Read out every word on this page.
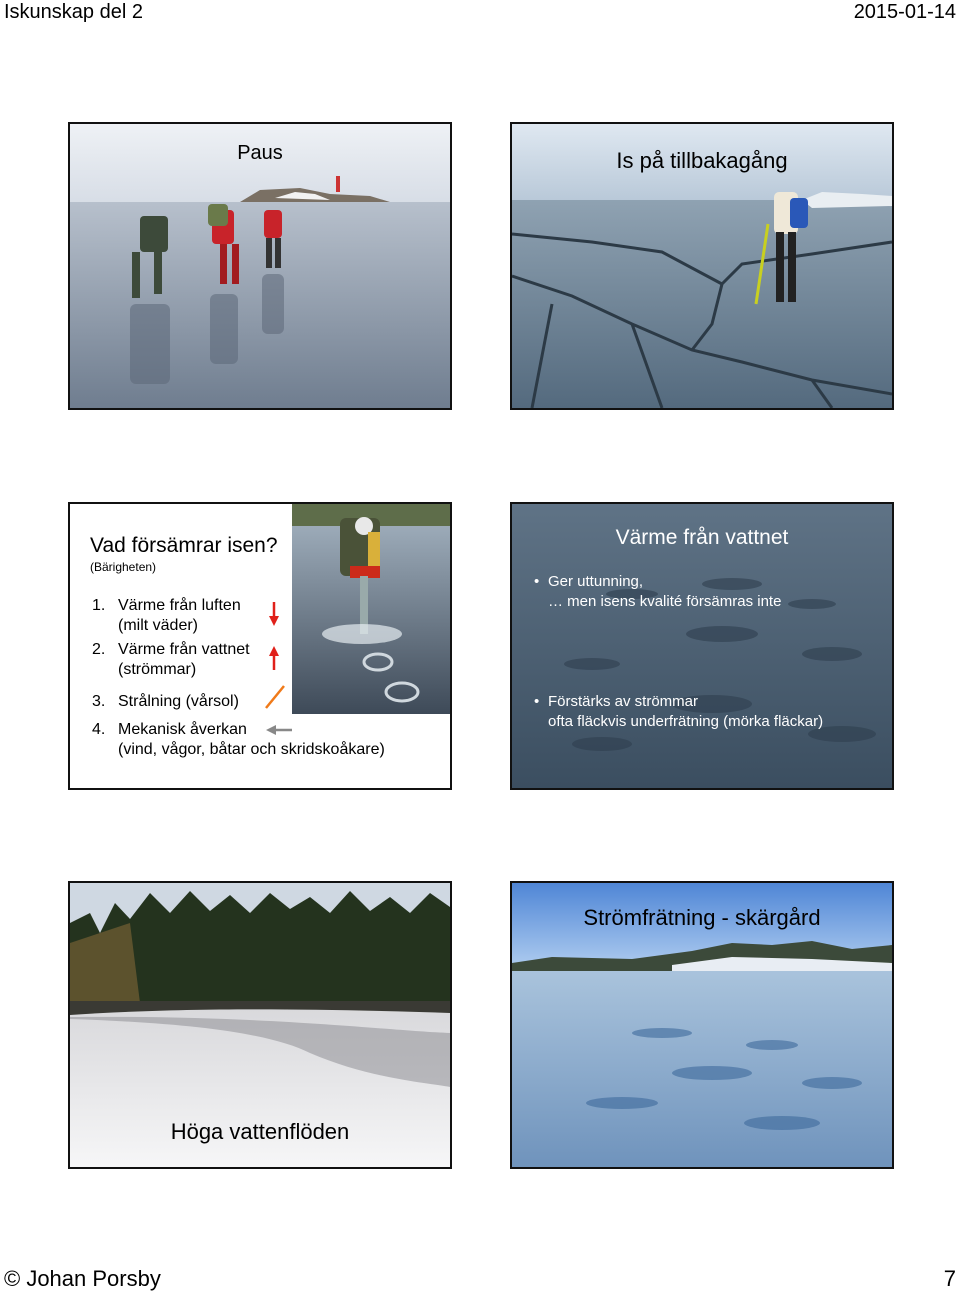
Iskunskap del 2	2015-01-14
Paus	Is på tillbakagång
Vad försämrar isen?
(Bärigheten)
1. Värme från luften
(milt väder)
2. Värme från vattnet
(strömmar)
3. Strålning (vårsol)
4. Mekanisk åverkan
(vind, vågor, båtar och skridskoåkare)
Värme från vattnet
• Ger uttunning,
… men isens kvalité försämras inte
• Förstärks av strömmar
ofta fläckvis underfrätning (mörka fläckar)
Höga vattenflöden
Strömfrätning - skärgård
© Johan Porsby	7
